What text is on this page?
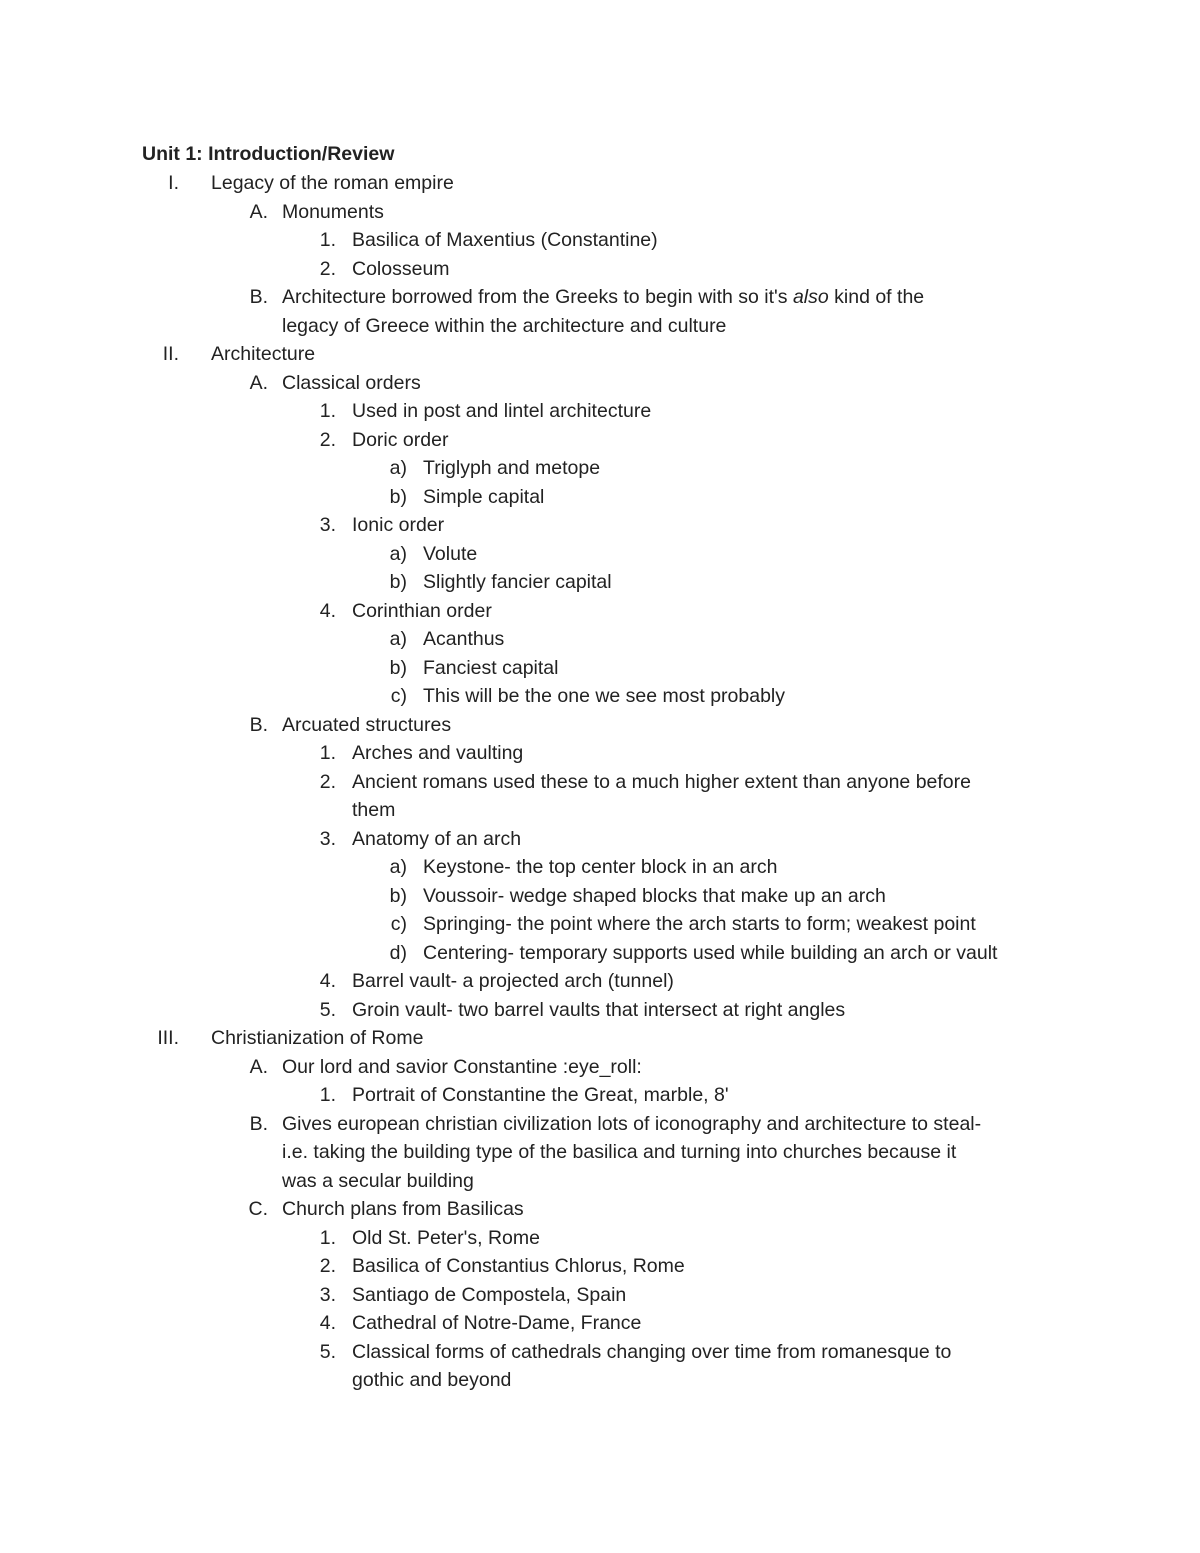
Unit 1: Introduction/Review
I. Legacy of the roman empire
A. Monuments
1. Basilica of Maxentius (Constantine)
2. Colosseum
B. Architecture borrowed from the Greeks to begin with so it's also kind of the
legacy of Greece within the architecture and culture
II. Architecture
A. Classical orders
1. Used in post and lintel architecture
2. Doric order
a) Triglyph and metope
b) Simple capital
3. Ionic order
a) Volute
b) Slightly fancier capital
4. Corinthian order
a) Acanthus
b) Fanciest capital
c) This will be the one we see most probably
B. Arcuated structures
1. Arches and vaulting
2. Ancient romans used these to a much higher extent than anyone before
them
3. Anatomy of an arch
a) Keystone- the top center block in an arch
b) Voussoir- wedge shaped blocks that make up an arch
c) Springing- the point where the arch starts to form; weakest point
d) Centering- temporary supports used while building an arch or vault
4. Barrel vault- a projected arch (tunnel)
5. Groin vault- two barrel vaults that intersect at right angles
III. Christianization of Rome
A. Our lord and savior Constantine :eye_roll:
1. Portrait of Constantine the Great, marble, 8'
B. Gives european christian civilization lots of iconography and architecture to steal-
i.e. taking the building type of the basilica and turning into churches because it
was a secular building
C. Church plans from Basilicas
1. Old St. Peter's, Rome
2. Basilica of Constantius Chlorus, Rome
3. Santiago de Compostela, Spain
4. Cathedral of Notre-Dame, France
5. Classical forms of cathedrals changing over time from romanesque to
gothic and beyond
